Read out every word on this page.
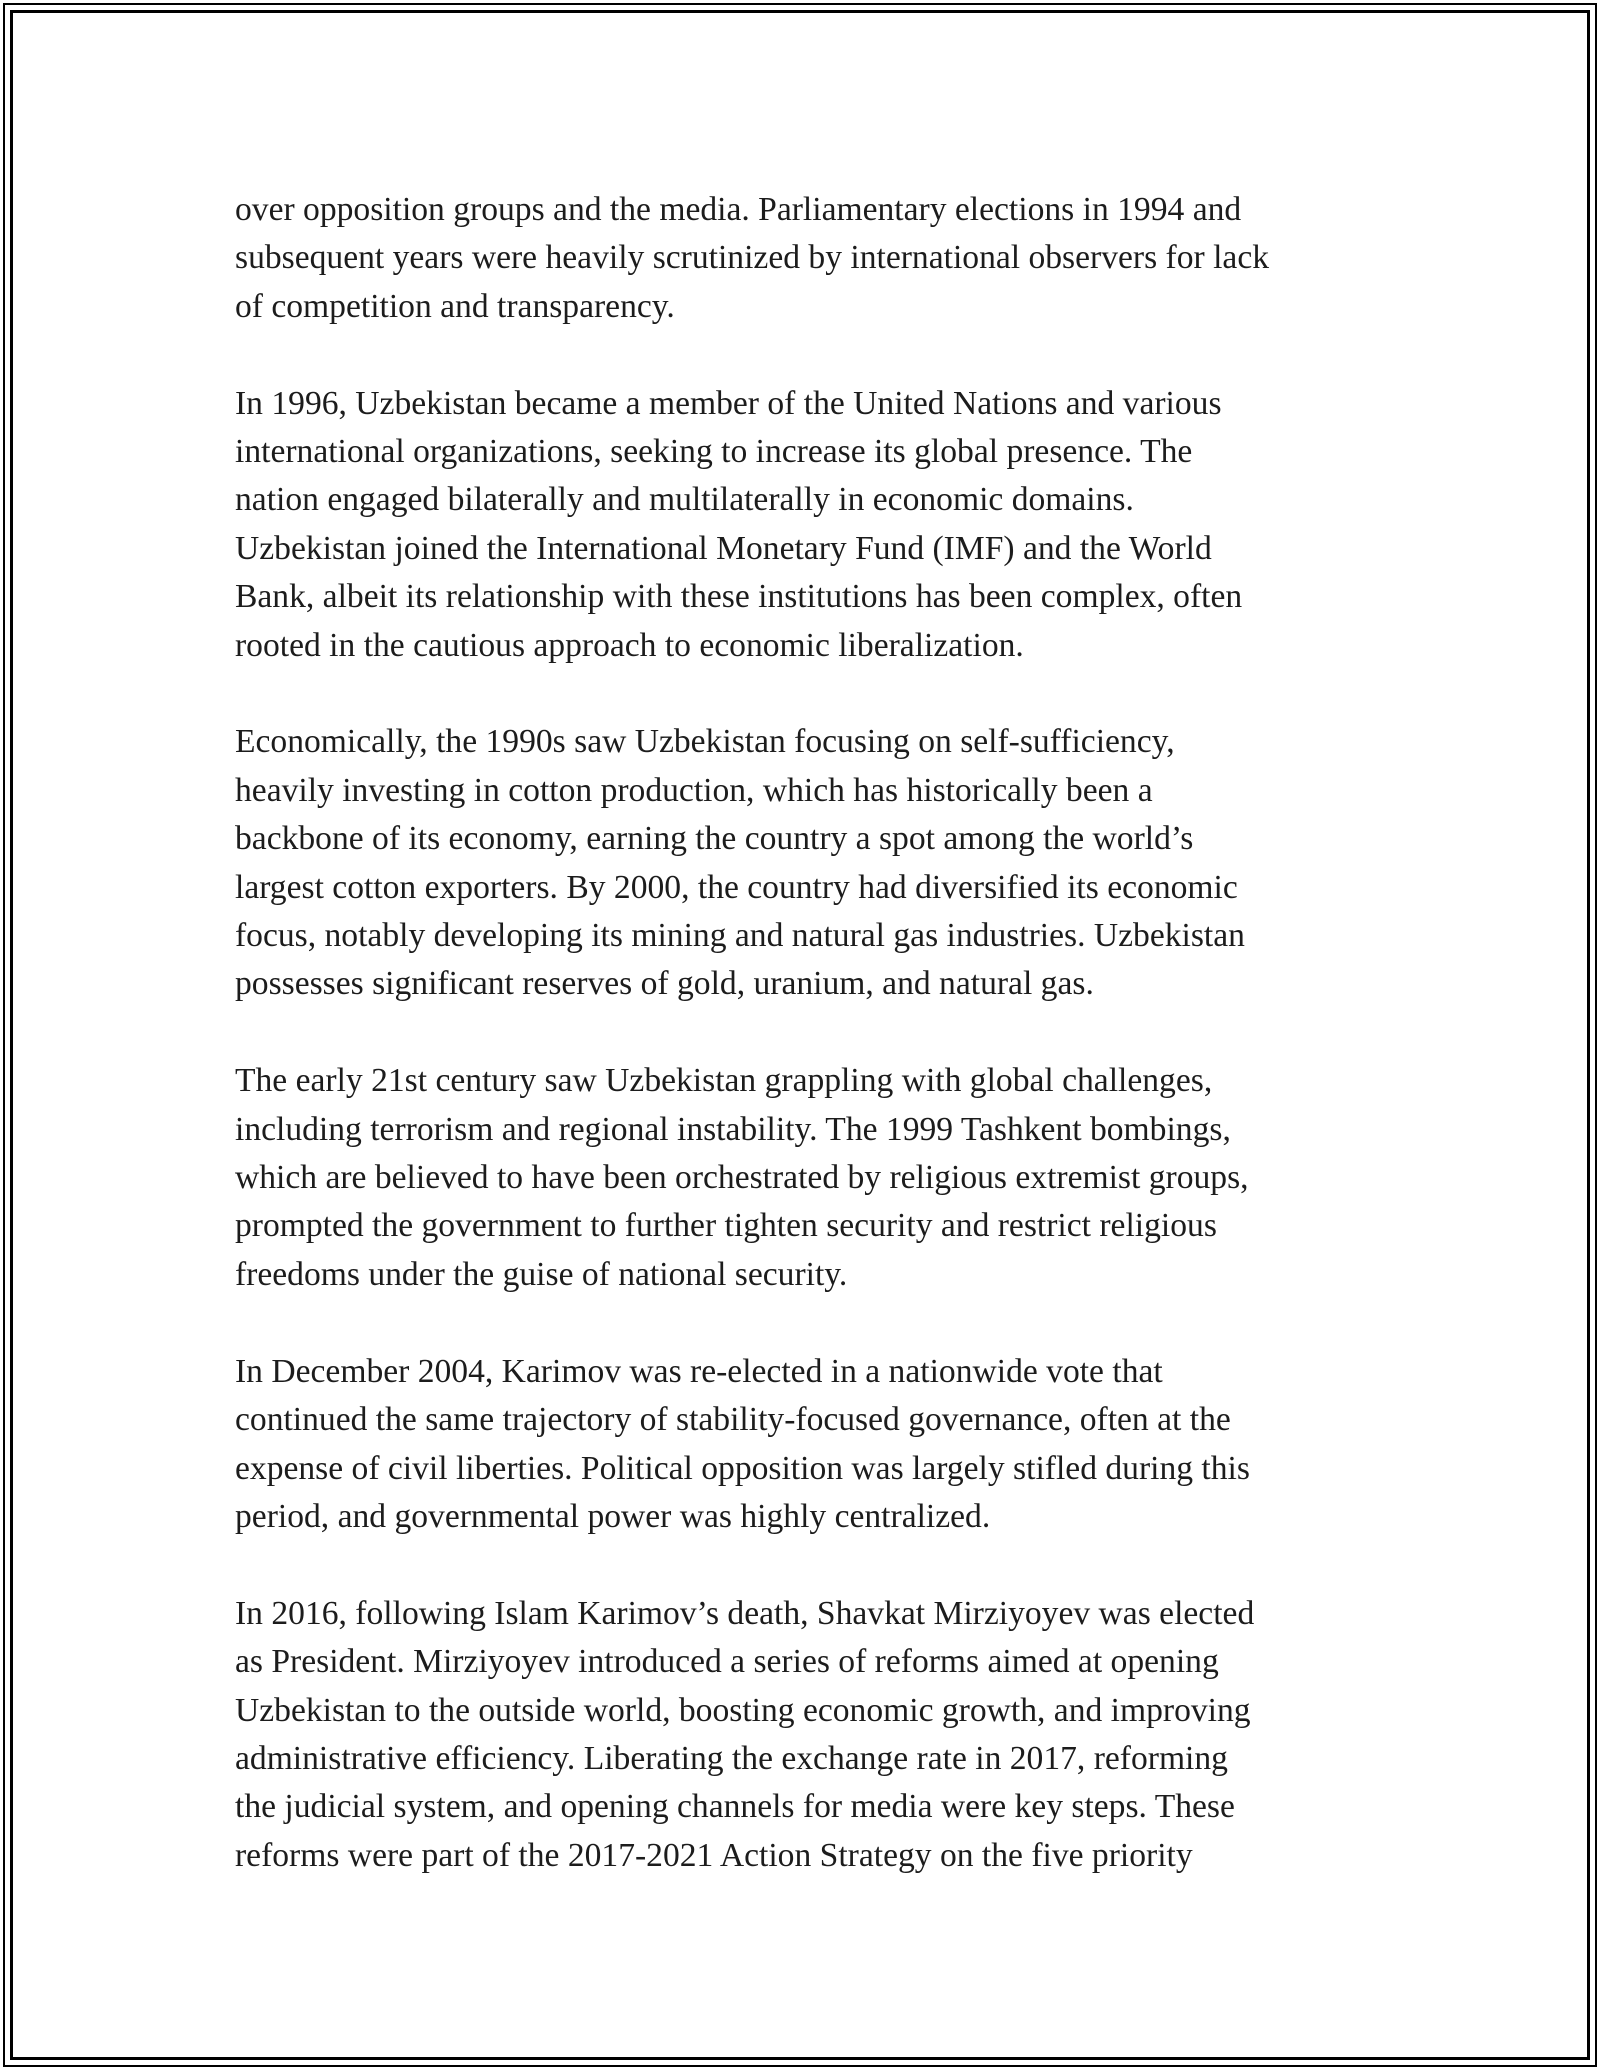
over opposition groups and the media. Parliamentary elections in 1994 and
subsequent years were heavily scrutinized by international observers for lack
of competition and transparency.

In 1996, Uzbekistan became a member of the United Nations and various
international organizations, seeking to increase its global presence. The
nation engaged bilaterally and multilaterally in economic domains.
Uzbekistan joined the International Monetary Fund (IMF) and the World
Bank, albeit its relationship with these institutions has been complex, often
rooted in the cautious approach to economic liberalization.

Economically, the 1990s saw Uzbekistan focusing on self-sufficiency,
heavily investing in cotton production, which has historically been a
backbone of its economy, earning the country a spot among the world’s
largest cotton exporters. By 2000, the country had diversified its economic
focus, notably developing its mining and natural gas industries. Uzbekistan
possesses significant reserves of gold, uranium, and natural gas.

The early 21st century saw Uzbekistan grappling with global challenges,
including terrorism and regional instability. The 1999 Tashkent bombings,
which are believed to have been orchestrated by religious extremist groups,
prompted the government to further tighten security and restrict religious
freedoms under the guise of national security.

In December 2004, Karimov was re-elected in a nationwide vote that
continued the same trajectory of stability-focused governance, often at the
expense of civil liberties. Political opposition was largely stifled during this
period, and governmental power was highly centralized.

In 2016, following Islam Karimov’s death, Shavkat Mirziyoyev was elected
as President. Mirziyoyev introduced a series of reforms aimed at opening
Uzbekistan to the outside world, boosting economic growth, and improving
administrative efficiency. Liberating the exchange rate in 2017, reforming
the judicial system, and opening channels for media were key steps. These
reforms were part of the 2017-2021 Action Strategy on the five priority
